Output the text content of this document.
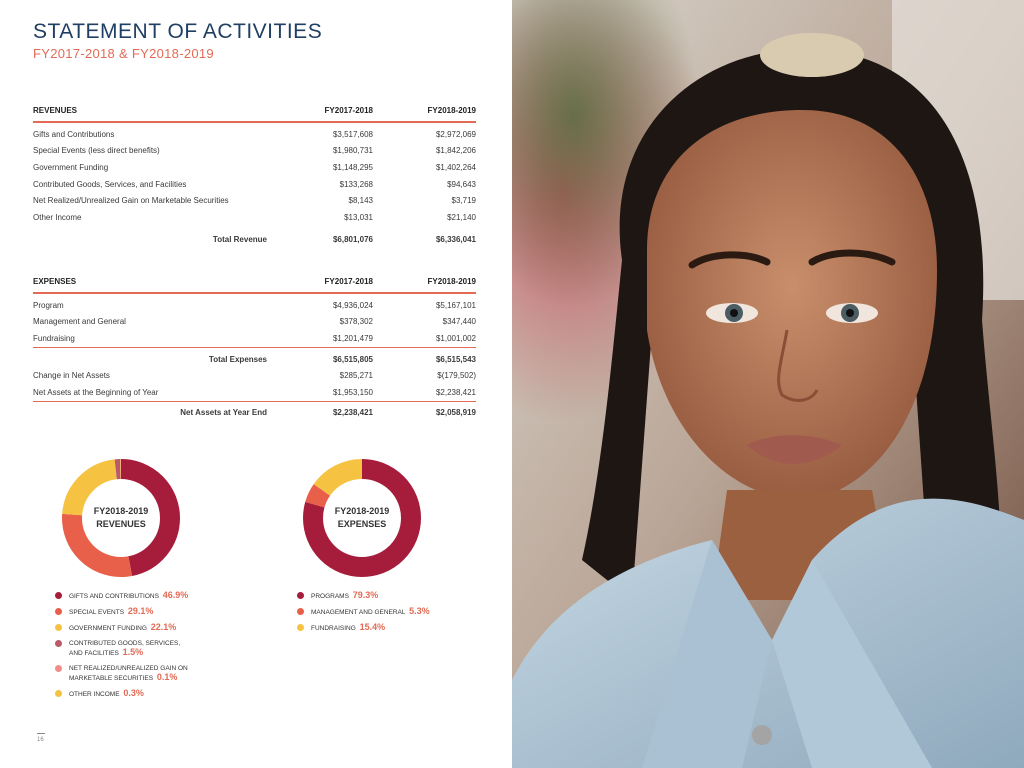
STATEMENT OF ACTIVITIES
FY2017-2018 & FY2018-2019
REVENUES	FY2017-2018	FY2018-2019

Gifts and Contributions	$3,517,608	$2,972,069
Special Events (less direct benefits)	$1,980,731	$1,842,206
Government Funding	$1,148,295	$1,402,264
Contributed Goods, Services, and Facilities	$133,268	$94,643
Net Realized/Unrealized Gain on Marketable Securities	$8,143	$3,719
Other Income	$13,031	$21,140

Total Revenue	$6,801,076	$6,336,041
EXPENSES	FY2017-2018	FY2018-2019

Program	$4,936,024	$5,167,101
Management and General	$378,302	$347,440
Fundraising	$1,201,479	$1,001,002
Total Expenses	$6,515,805	$6,515,543
Change in Net Assets	$285,271	$(179,502)
Net Assets at the Beginning of Year	$1,953,150	$2,238,421
Net Assets at Year End	$2,238,421	$2,058,919
FY2018-2019
REVENUES
FY2018-2019
EXPENSES
GIFTS AND CONTRIBUTIONS 46.9%
SPECIAL EVENTS 29.1%
GOVERNMENT FUNDING 22.1%
CONTRIBUTED GOODS, SERVICES, AND FACILITIES 1.5%
NET REALIZED/UNREALIZED GAIN ON MARKETABLE SECURITIES 0.1%
OTHER INCOME 0.3%
PROGRAMS 79.3%
MANAGEMENT AND GENERAL 5.3%
FUNDRAISING 15.4%
16
